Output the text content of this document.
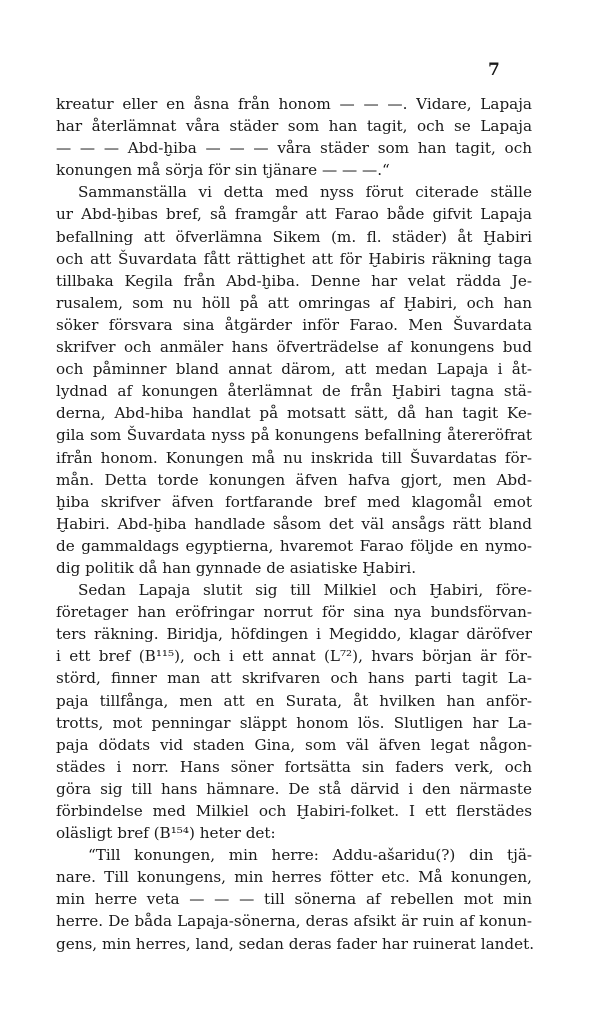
7
kreatur eller en åsna från honom — — —. Vidare, Lapaja
har återlämnat våra städer som han tagit, och se Lapaja
— — — Abd-ḫiba — — — våra städer som han tagit, och
konungen må sörja för sin tjänare — — —.“
Sammanställa vi detta med nyss förut citerade ställe
ur Abd-ḫibas bref, så framgår att Farao både gifvit Lapaja
befallning att öfverlämna Sikem (m. fl. städer) åt Ḫabiri
och att Šuvardata fått rättighet att för Ḫabiris räkning taga
tillbaka Kegila från Abd-ḫiba. Denne har velat rädda Je-
rusalem, som nu höll på att omringas af Ḫabiri, och han
söker försvara sina åtgärder inför Farao. Men Šuvardata
skrifver och anmäler hans öfverträdelse af konungens bud
och påminner bland annat därom, att medan Lapaja i åt-
lydnad af konungen återlämnat de från Ḫabiri tagna stä-
derna, Abd-hiba handlat på motsatt sätt, då han tagit Ke-
gila som Šuvardata nyss på konungens befallning återeröfrat
ifrån honom. Konungen må nu inskrida till Šuvardatas för-
mån. Detta torde konungen äfven hafva gjort, men Abd-
ḫiba skrifver äfven fortfarande bref med klagomål emot
Ḫabiri. Abd-ḫiba handlade såsom det väl ansågs rätt bland
de gammaldags egyptierna, hvaremot Farao följde en nymo-
dig politik då han gynnade de asiatiske Ḫabiri.
Sedan Lapaja slutit sig till Milkiel och Ḫabiri, före-
företager han eröfringar norrut för sina nya bundsförvan-
ters räkning. Biridja, höfdingen i Megiddo, klagar däröfver
i ett bref (B¹¹⁵), och i ett annat (L⁷²), hvars början är för-
störd, finner man att skrifvaren och hans parti tagit La-
paja tillfånga, men att en Surata, åt hvilken han anför-
trotts, mot penningar släppt honom lös. Slutligen har La-
paja dödats vid staden Gina, som väl äfven legat någon-
städes i norr. Hans söner fortsätta sin faders verk, och
göra sig till hans hämnare. De stå därvid i den närmaste
förbindelse med Milkiel och Ḫabiri-folket. I ett flerstädes
oläsligt bref (B¹⁵⁴) heter det:
“Till konungen, min herre: Addu-ašaridu(?) din tjä-
nare. Till konungens, min herres fötter etc. Må konungen,
min herre veta — — — till sönerna af rebellen mot min
herre. De båda Lapaja-sönerna, deras afsikt är ruin af konun-
gens, min herres, land, sedan deras fader har ruinerat landet.
